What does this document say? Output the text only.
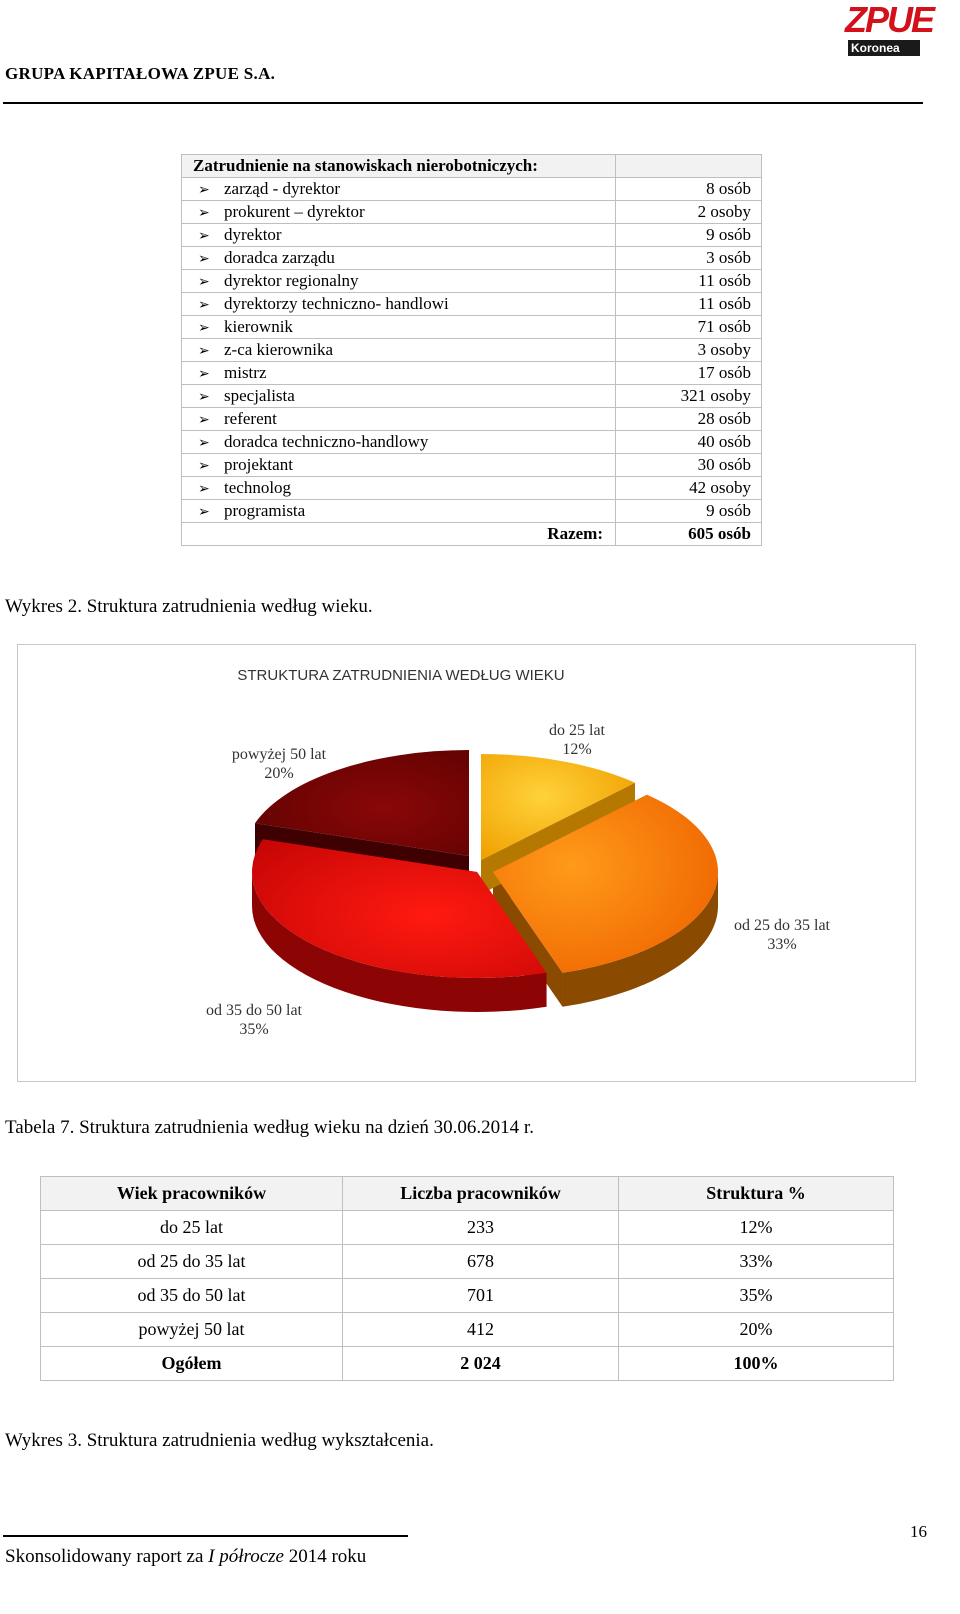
ZPUE
Koronea
GRUPA KAPITAŁOWA ZPUE S.A.
Zatrudnienie na stanowiskach nierobotniczych:	
➢ zarząd - dyrektor	8 osób
➢ prokurent – dyrektor	2 osoby
➢ dyrektor	9 osób
➢ doradca zarządu	3 osób
➢ dyrektor regionalny	11 osób
➢ dyrektorzy techniczno- handlowi	11 osób
➢ kierownik	71 osób
➢ z-ca kierownika	3 osoby
➢ mistrz	17 osób
➢ specjalista	321 osoby
➢ referent	28 osób
➢ doradca techniczno-handlowy	40 osób
➢ projektant	30 osób
➢ technolog	42 osoby
➢ programista	9 osób
Razem:	605 osób
Wykres 2. Struktura zatrudnienia według wieku.
STRUKTURA ZATRUDNIENIA WEDŁUG WIEKU
do 25 lat
12%
od 25 do 35 lat
33%
od 35 do 50 lat
35%
powyżej 50 lat
20%
Tabela 7. Struktura zatrudnienia według wieku na dzień 30.06.2014 r.
Wiek pracowników	Liczba pracowników	Struktura %
do 25 lat	233	12%
od 25 do 35 lat	678	33%
od 35 do 50 lat	701	35%
powyżej 50 lat	412	20%
Ogółem	2 024	100%
Wykres 3. Struktura zatrudnienia według wykształcenia.
16
Skonsolidowany raport za I półrocze 2014 roku
